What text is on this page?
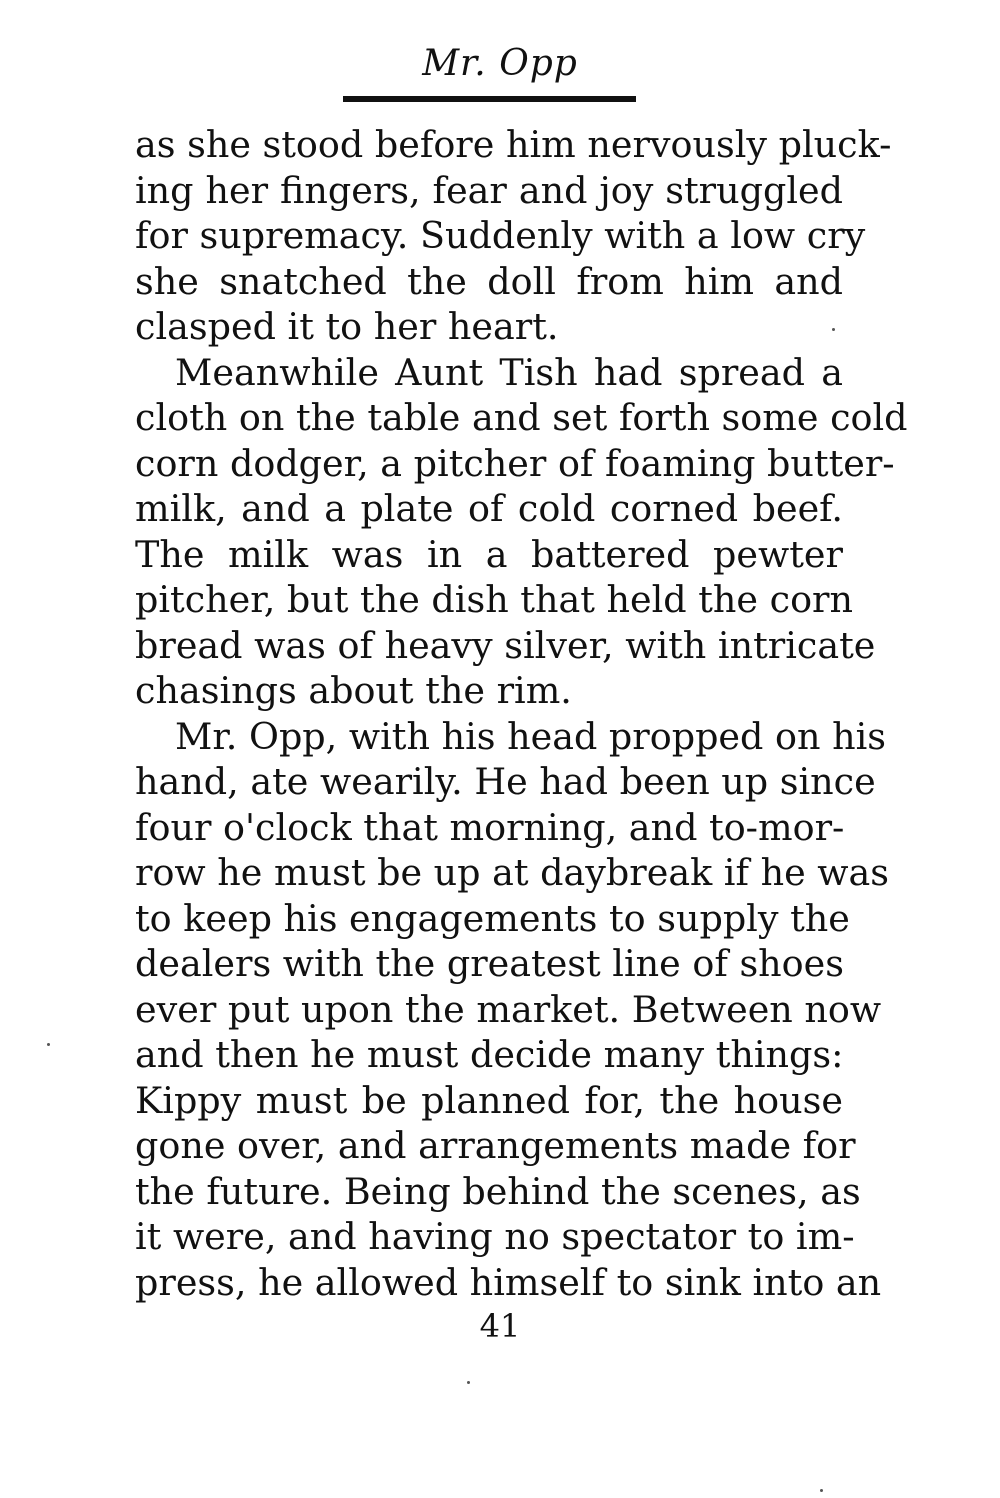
Mr. Opp
as she stood before him nervously pluck-
ing her fingers, fear and joy struggled
for supremacy. Suddenly with a low cry
she snatched the doll from him and
clasped it to her heart.
Meanwhile Aunt Tish had spread a
cloth on the table and set forth some cold
corn dodger, a pitcher of foaming butter-
milk, and a plate of cold corned beef.
The milk was in a battered pewter
pitcher, but the dish that held the corn
bread was of heavy silver, with intricate
chasings about the rim.
Mr. Opp, with his head propped on his
hand, ate wearily. He had been up since
four o'clock that morning, and to-mor-
row he must be up at daybreak if he was
to keep his engagements to supply the
dealers with the greatest line of shoes
ever put upon the market. Between now
and then he must decide many things:
Kippy must be planned for, the house
gone over, and arrangements made for
the future. Being behind the scenes, as
it were, and having no spectator to im-
press, he allowed himself to sink into an
41
